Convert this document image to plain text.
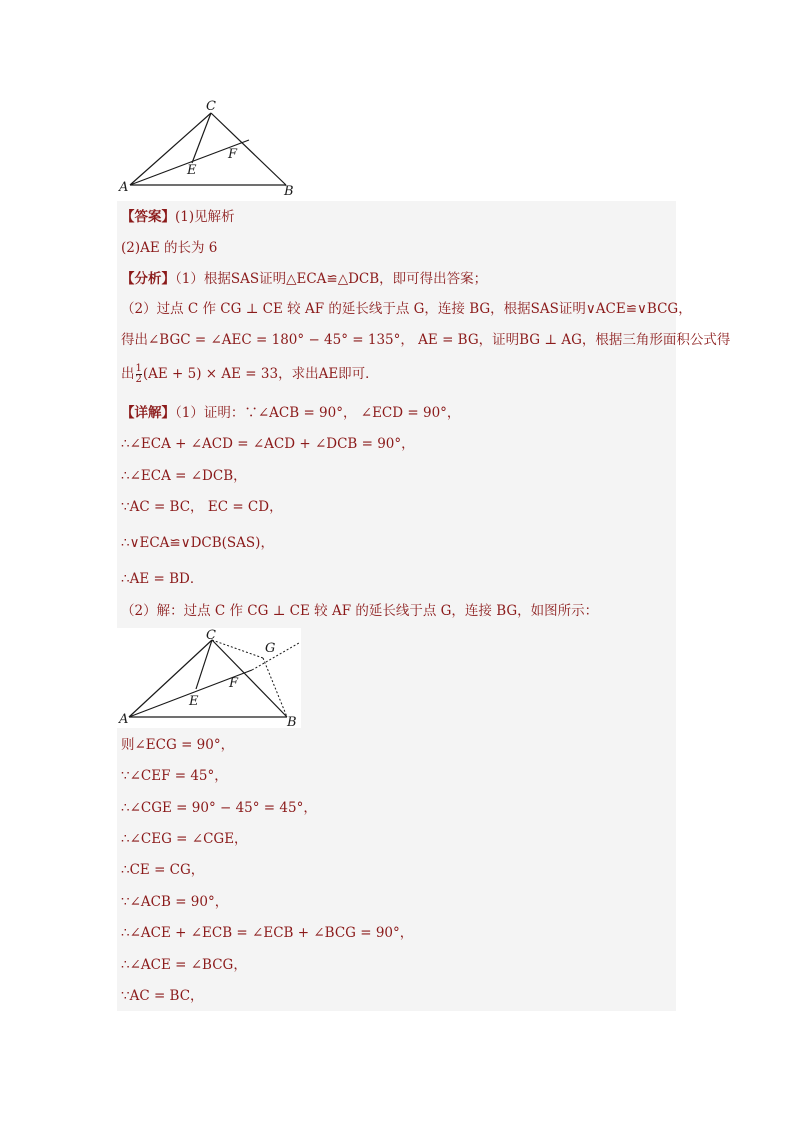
C
F
E
A	B
【答案】(1)见解析
(2)AE 的长为 6
【分析】（1）根据SAS证明△ECA≌△DCB，即可得出答案；
（2）过点 C 作 CG ⊥ CE 较 AF 的延长线于点 G，连接 BG，根据SAS证明∨ACE≌∨BCG，
得出∠BGC = ∠AEC = 180° − 45° = 135°， AE = BG，证明BG ⊥ AG，根据三角形面积公式得
出 $\frac{1}{2} (AE + 5)$ × AE = 33，求出AE即可．
【详解】（1）证明：∵∠ACB = 90°， ∠ECD = 90°，
∴∠ECA + ∠ACD = ∠ACD + ∠DCB = 90°，
∴∠ECA = ∠DCB，
∵AC = BC， EC = CD，
∴∨ECA≌∨DCB(SAS)，
∴AE = BD．
（2）解：过点 C 作 CG ⊥ CE 较 AF 的延长线于点 G，连接 BG，如图所示：
C
G
F
E
A	B
则∠ECG = 90°，
∵∠CEF = 45°，
∴∠CGE = 90° − 45° = 45°，
∴∠CEG = ∠CGE，
∴CE = CG，
∵∠ACB = 90°，
∴∠ACE + ∠ECB = ∠ECB + ∠BCG = 90°，
∴∠ACE = ∠BCG，
∵AC = BC，
